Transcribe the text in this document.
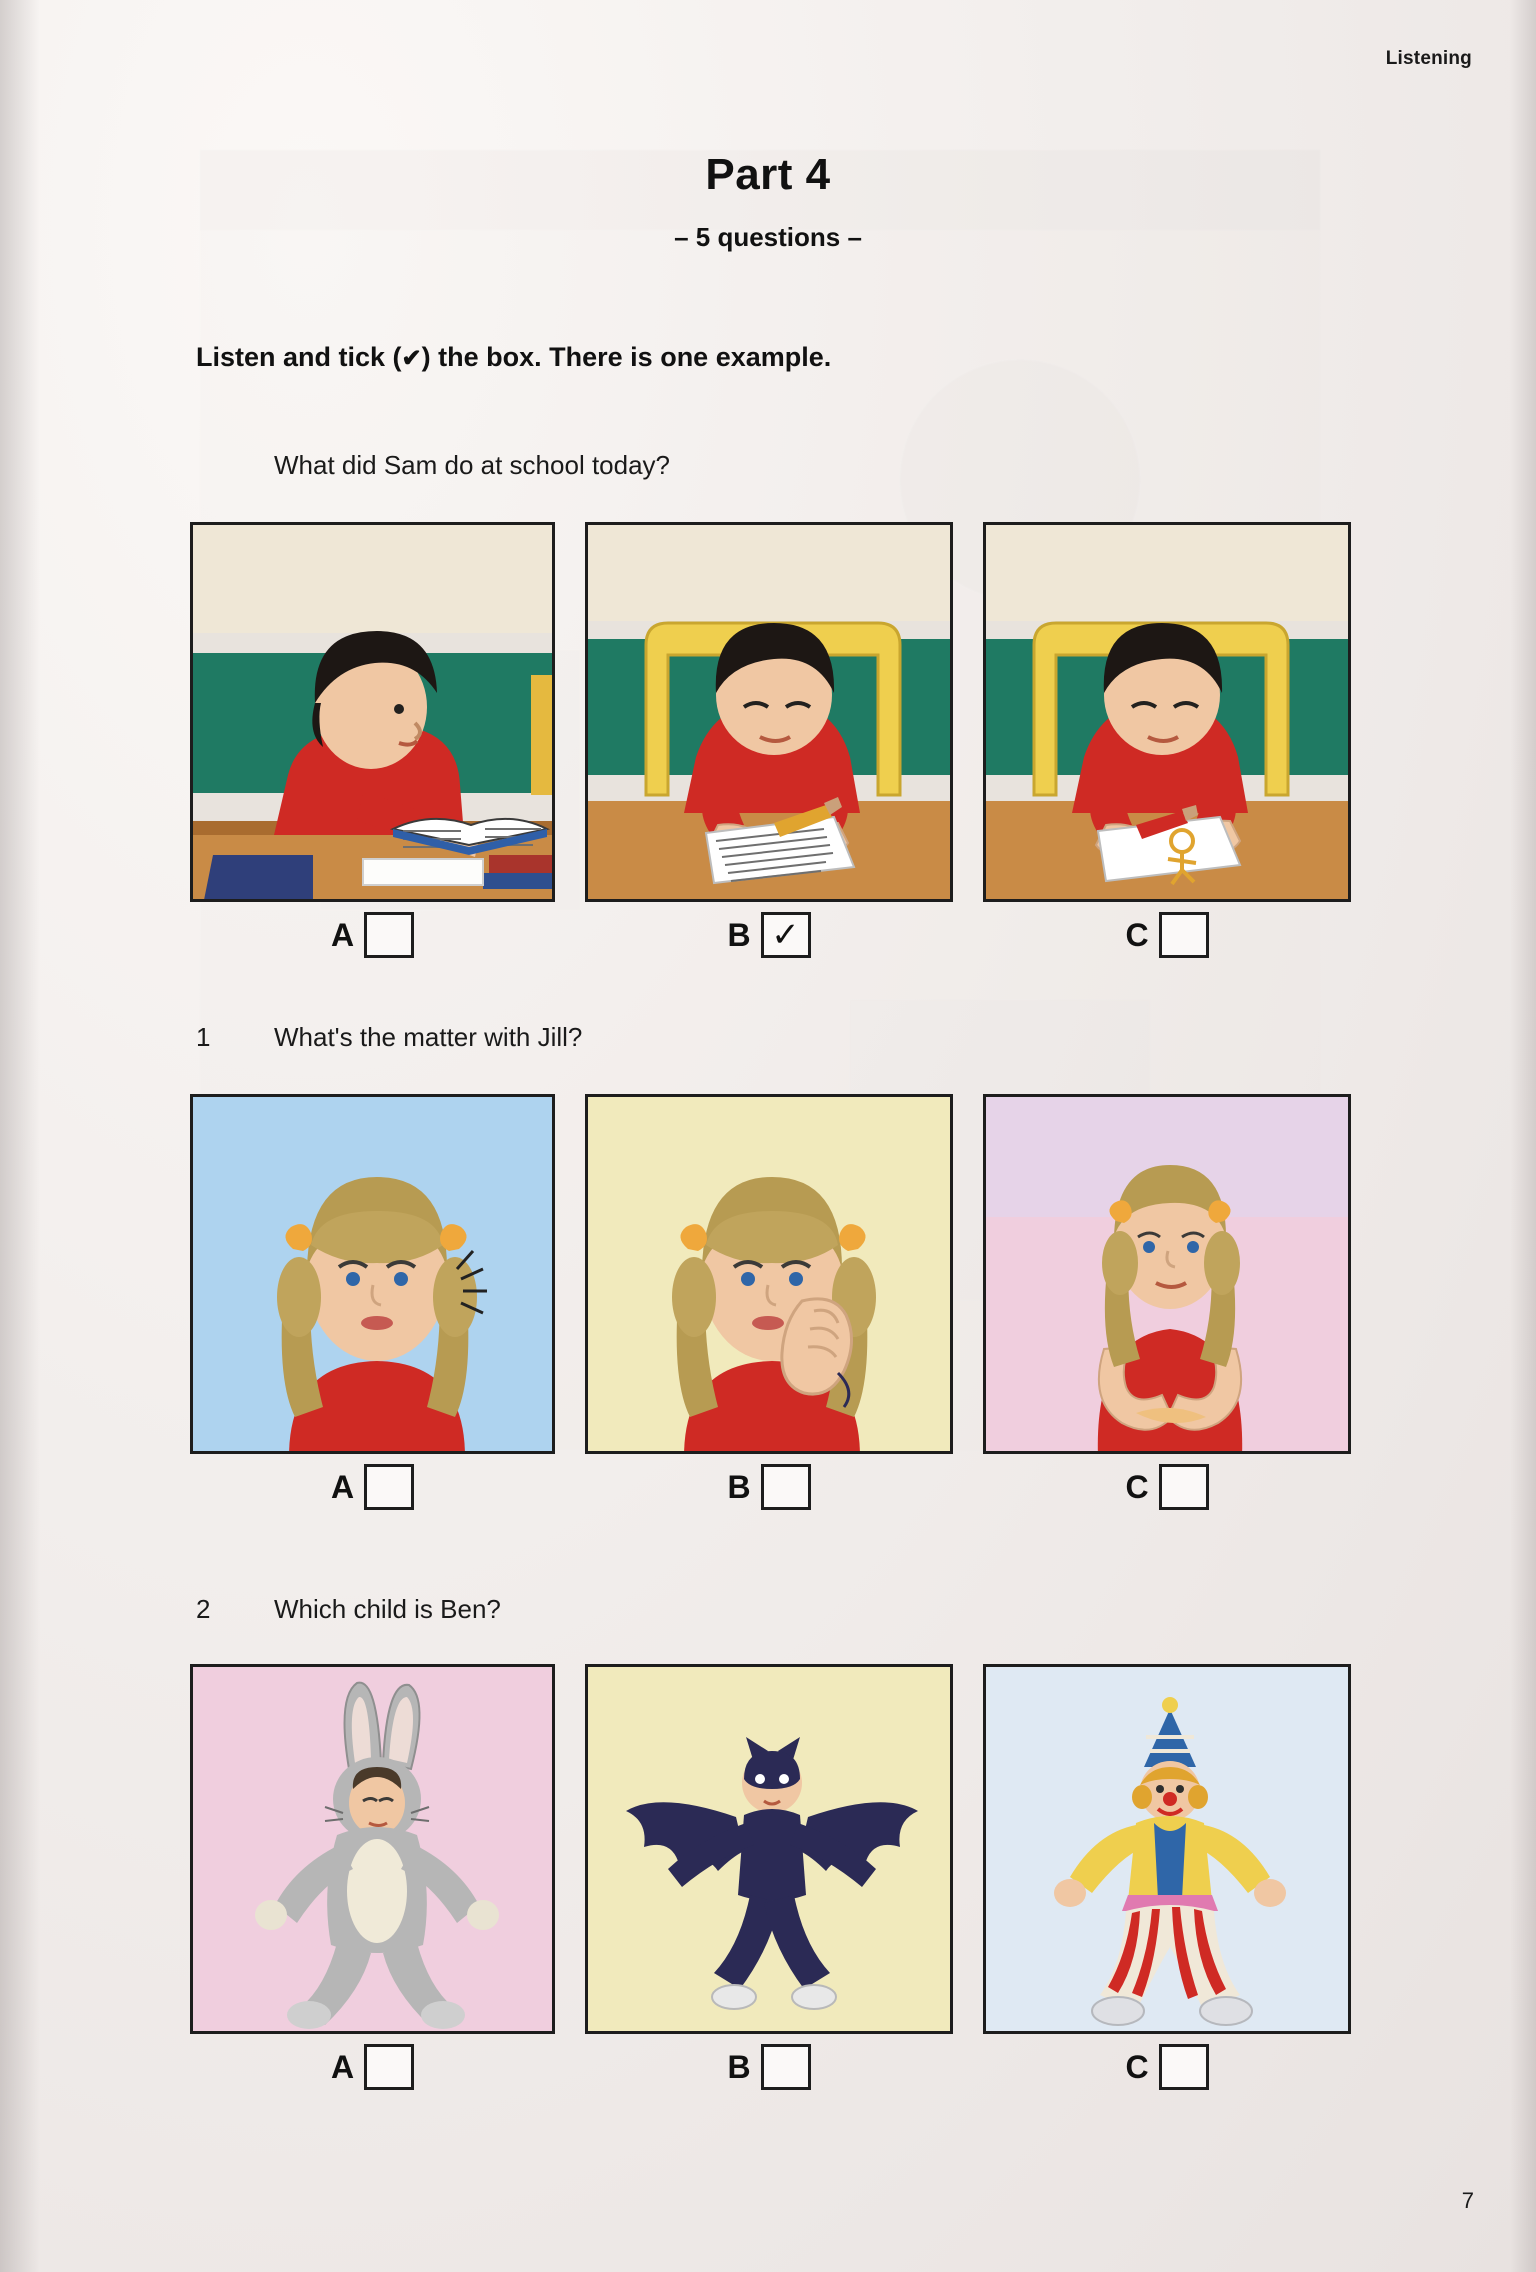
Listening
Part 4
– 5 questions –
Listen and tick (✔) the box. There is one example.
What did Sam do at school today?
A	B ✓	C
1 What's the matter with Jill?
A	B	C
2 Which child is Ben?
A	B	C
7
